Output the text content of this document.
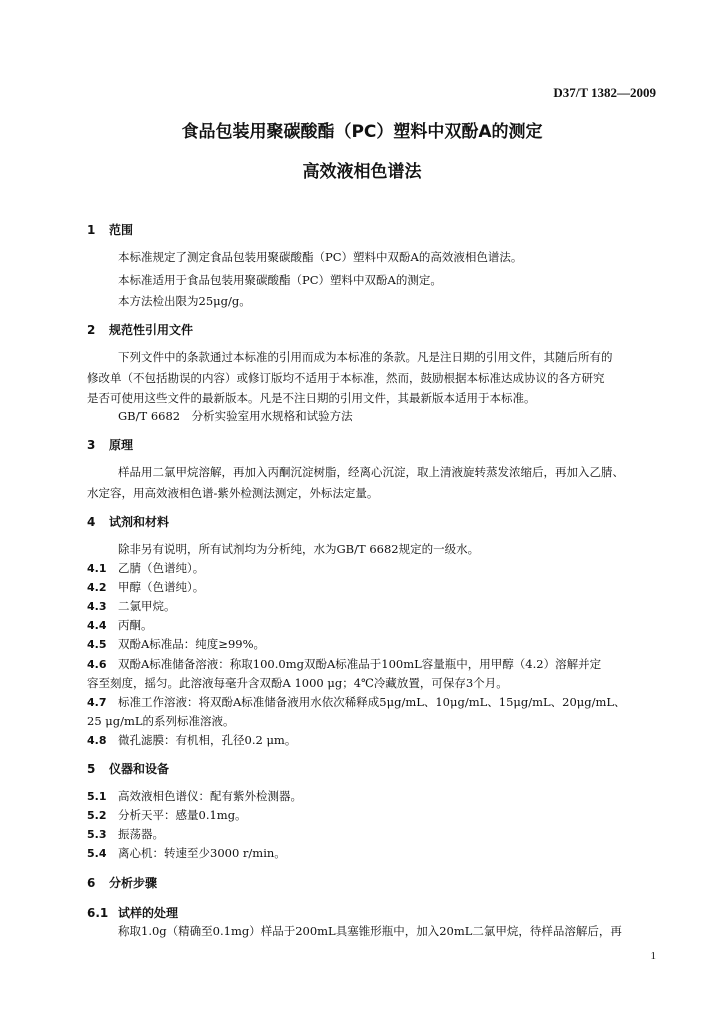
D37/T 1382—2009
食品包装用聚碳酸酯（PC）塑料中双酚A的测定
高效液相色谱法
1 范围
本标准规定了测定食品包装用聚碳酸酯（PC）塑料中双酚A的高效液相色谱法。
本标准适用于食品包装用聚碳酸酯（PC）塑料中双酚A的测定。
本方法检出限为25μg/g。
2 规范性引用文件
下列文件中的条款通过本标准的引用而成为本标准的条款。凡是注日期的引用文件，其随后所有的
修改单（不包括勘误的内容）或修订版均不适用于本标准，然而，鼓励根据本标准达成协议的各方研究
是否可使用这些文件的最新版本。凡是不注日期的引用文件，其最新版本适用于本标准。
GB/T 6682　分析实验室用水规格和试验方法
3 原理
样品用二氯甲烷溶解，再加入丙酮沉淀树脂，经离心沉淀，取上清液旋转蒸发浓缩后，再加入乙腈、
水定容，用高效液相色谱-紫外检测法测定，外标法定量。
4 试剂和材料
除非另有说明，所有试剂均为分析纯，水为GB/T 6682规定的一级水。
4.1 乙腈（色谱纯）。
4.2 甲醇（色谱纯）。
4.3 二氯甲烷。
4.4 丙酮。
4.5 双酚A标准品：纯度≥99%。
4.6 双酚A标准储备溶液：称取100.0mg双酚A标准品于100mL容量瓶中，用甲醇（4.2）溶解并定
容至刻度，摇匀。此溶液每毫升含双酚A 1000 μg；4℃冷藏放置，可保存3个月。
4.7 标准工作溶液：将双酚A标准储备液用水依次稀释成5μg/mL、10μg/mL、15μg/mL、20μg/mL、
25 μg/mL的系列标准溶液。
4.8 微孔滤膜：有机相，孔径0.2 μm。
5 仪器和设备
5.1 高效液相色谱仪：配有紫外检测器。
5.2 分析天平：感量0.1mg。
5.3 振荡器。
5.4 离心机：转速至少3000 r/min。
6 分析步骤
6.1 试样的处理
称取1.0g（精确至0.1mg）样品于200mL具塞锥形瓶中，加入20mL二氯甲烷，待样品溶解后，再
1
